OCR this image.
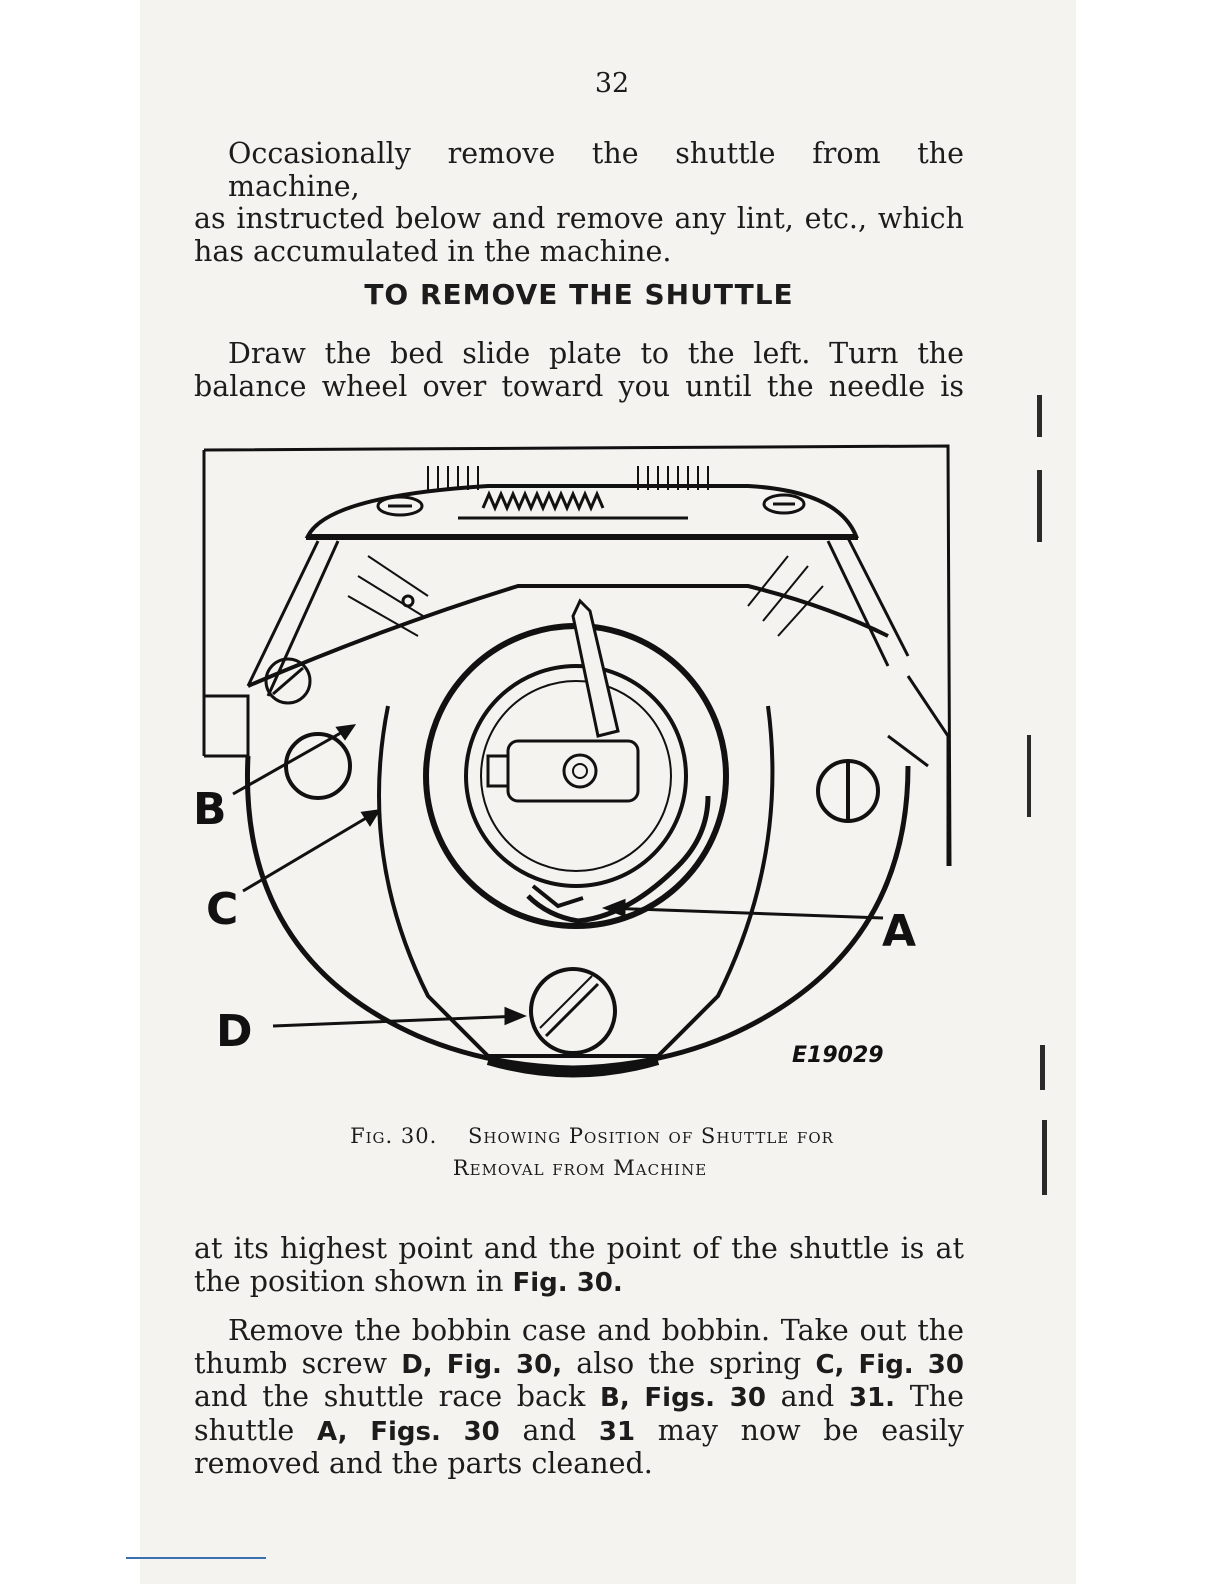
32
Occasionally remove the shuttle from the machine,
as instructed below and remove any lint, etc., which
has accumulated in the machine.
TO REMOVE THE SHUTTLE
Draw the bed slide plate to the left. Turn the
balance wheel over toward you until the needle is
B
C
D
A
E19029
Fig. 30. Showing Position of Shuttle for
Removal from Machine

at its highest point and the point of the shuttle is at the position shown in Fig. 30.

Remove the bobbin case and bobbin. Take out the thumb screw D, Fig. 30, also the spring C, Fig. 30 and the shuttle race back B, Figs. 30 and 31. The shuttle A, Figs. 30 and 31 may now be easily removed and the parts cleaned.
